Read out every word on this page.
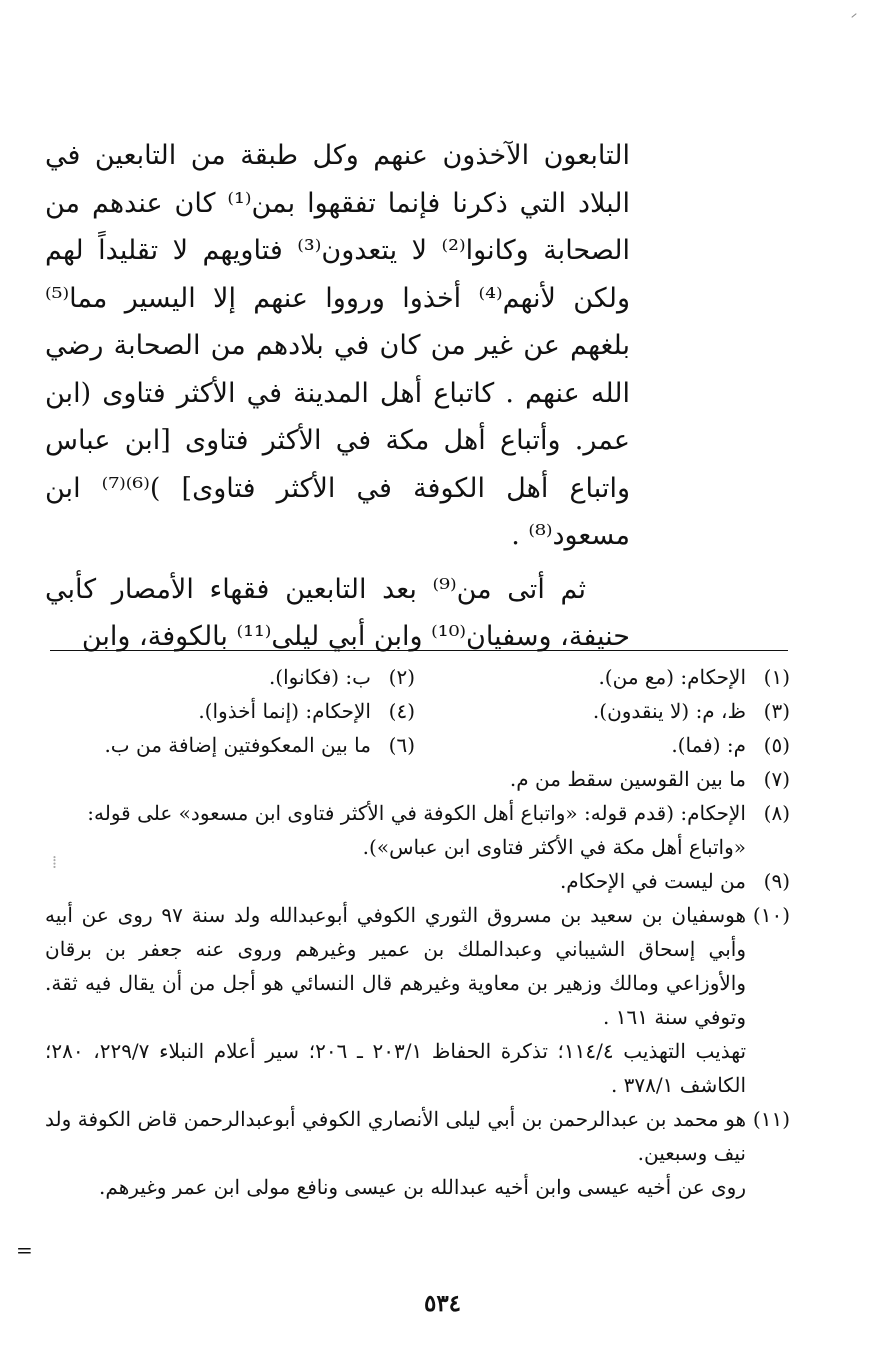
التابعون الآخذون عنهم وكل طبقة من التابعين في البلاد التي ذكرنا فإنما تفقهوا بمن⁽¹⁾ كان عندهم من الصحابة وكانوا⁽²⁾ لا يتعدون⁽³⁾ فتاويهم لا تقليداً لهم ولكن لأنهم⁽⁴⁾ أخذوا ورووا عنهم إلا اليسير مما⁽⁵⁾ بلغهم عن غير من كان في بلادهم من الصحابة رضي الله عنهم . كاتباع أهل المدينة في الأكثر فتاوى (ابن عمر. وأتباع أهل مكة في الأكثر فتاوى [ابن عباس واتباع أهل الكوفة في الأكثر فتاوى] )⁽⁶⁾⁽⁷⁾ ابن مسعود⁽⁸⁾ .

ثم أتى من⁽⁹⁾ بعد التابعين فقهاء الأمصار كأبي حنيفة، وسفيان⁽¹⁰⁾ وابن أبي ليلى⁽¹¹⁾ بالكوفة، وابن

(١)
الإحكام: (مع من).
(٢)
ب: (فكانوا).
(٣)
ظ، م: (لا ينقدون).
(٤)
الإحكام: (إنما أخذوا).
(٥)
م: (فما).
(٦)
ما بين المعكوفتين إضافة من ب.
(٧)
ما بين القوسين سقط من م.
(٨)
الإحكام: (قدم قوله: «واتباع أهل الكوفة في الأكثر فتاوى ابن مسعود» على قوله:
«واتباع أهل مكة في الأكثر فتاوى ابن عباس»).
(٩)
من ليست في الإحكام.
(١٠)
هوسفيان بن سعيد بن مسروق الثوري الكوفي أبوعبدالله ولد سنة ٩٧ روى عن أبيه وأبي إسحاق الشيباني وعبدالملك بن عمير وغيرهم وروى عنه جعفر بن برقان والأوزاعي ومالك وزهير بن معاوية وغيرهم قال النسائي هو أجل من أن يقال فيه ثقة. وتوفي سنة ١٦١ .
تهذيب التهذيب ١١٤/٤؛ تذكرة الحفاظ ٢٠٣/١ ـ ٢٠٦؛ سير أعلام النبلاء ٢٢٩/٧، ٢٨٠؛ الكاشف ٣٧٨/١ .
(١١)
هو محمد بن عبدالرحمن بن أبي ليلى الأنصاري الكوفي أبوعبدالرحمن قاض الكوفة ولد نيف وسبعين.
روى عن أخيه عيسى وابن أخيه عبدالله بن عيسى ونافع مولى ابن عمر وغيرهم.
=
⁞
٥٣٤
